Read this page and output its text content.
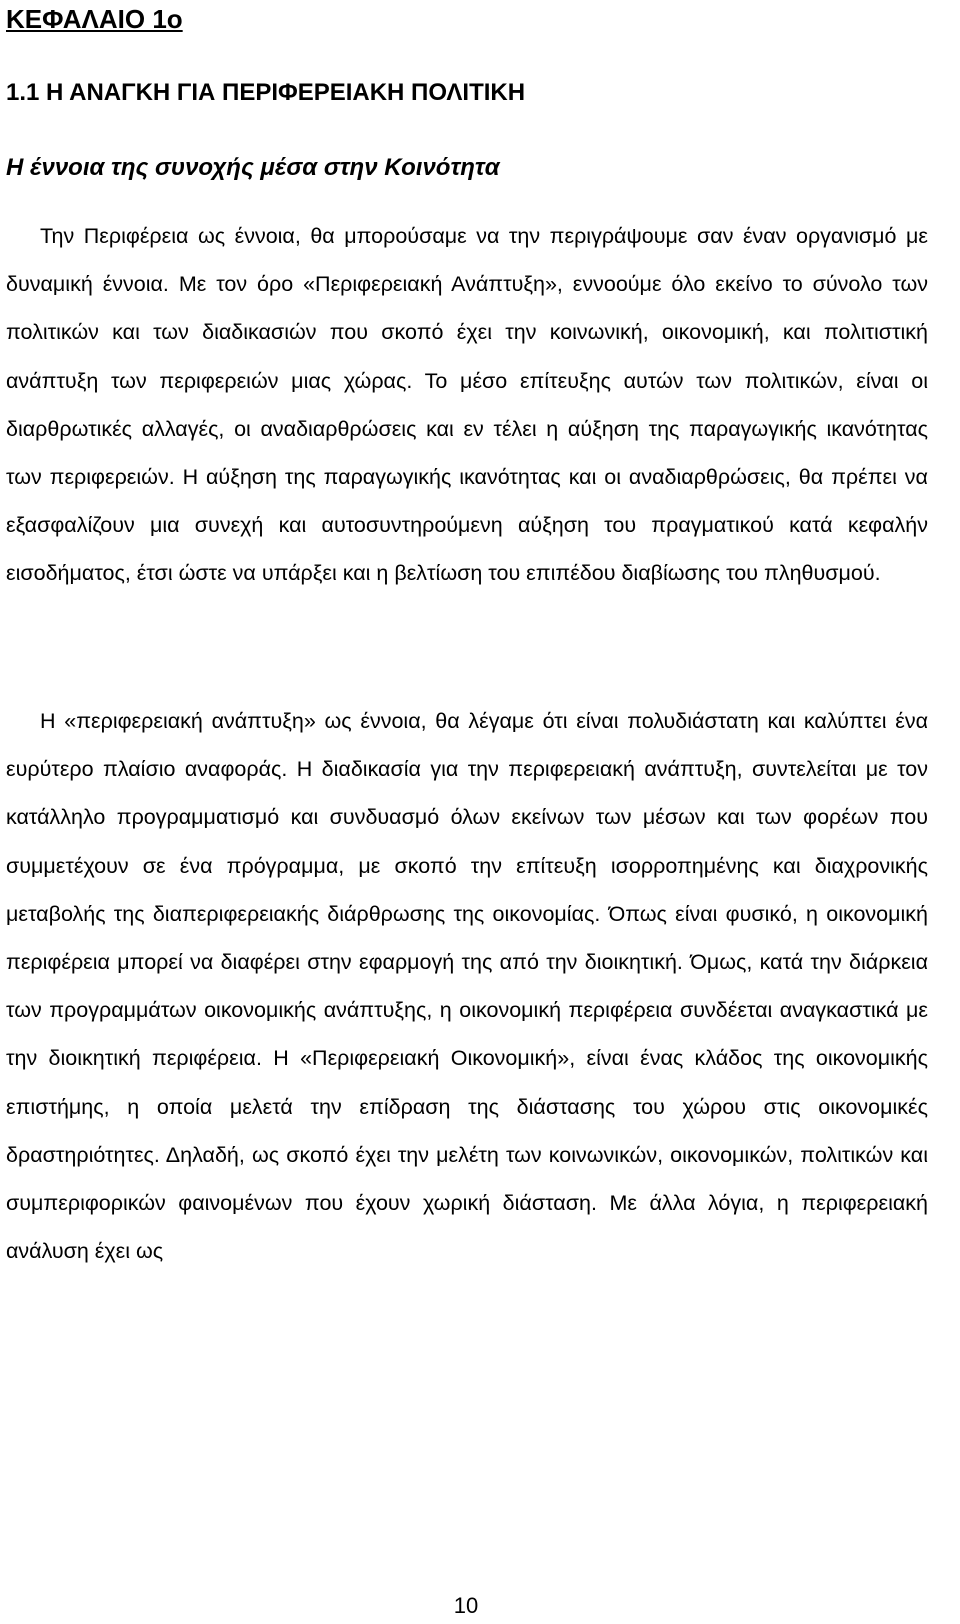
ΚΕΦΑΛΑΙΟ 1ο
1.1 Η ΑΝΑΓΚΗ ΓΙΑ ΠΕΡΙΦΕΡΕΙΑΚΗ ΠΟΛΙΤΙΚΗ
Η έννοια της συνοχής μέσα στην Κοινότητα

Την Περιφέρεια ως έννοια, θα μπορούσαμε να την περιγράψουμε σαν έναν οργανισμό με δυναμική έννοια. Με τον όρο «Περιφερειακή Ανάπτυξη», εννοούμε όλο εκείνο το σύνολο των πολιτικών και των διαδικασιών που σκοπό έχει την κοινωνική, οικονομική, και πολιτιστική ανάπτυξη των περιφερειών μιας χώρας. Το μέσο επίτευξης αυτών των πολιτικών, είναι οι διαρθρωτικές αλλαγές, οι αναδιαρθρώσεις και εν τέλει η αύξηση της παραγωγικής ικανότητας των περιφερειών. Η αύξηση της παραγωγικής ικανότητας και οι αναδιαρθρώσεις, θα πρέπει να εξασφαλίζουν μια συνεχή και αυτοσυντηρούμενη αύξηση του πραγματικού κατά κεφαλήν εισοδήματος, έτσι ώστε να υπάρξει και η βελτίωση του επιπέδου διαβίωσης του πληθυσμού.

Η «περιφερειακή ανάπτυξη» ως έννοια, θα λέγαμε ότι είναι πολυδιάστατη και καλύπτει ένα ευρύτερο πλαίσιο αναφοράς. Η διαδικασία για την περιφερειακή ανάπτυξη, συντελείται με τον κατάλληλο προγραμματισμό και συνδυασμό όλων εκείνων των μέσων και των φορέων που συμμετέχουν σε ένα πρόγραμμα, με σκοπό την επίτευξη ισορροπημένης και διαχρονικής μεταβολής της διαπεριφερειακής διάρθρωσης της οικονομίας. Όπως είναι φυσικό, η οικονομική περιφέρεια μπορεί να διαφέρει στην εφαρμογή της από την διοικητική. Όμως, κατά την διάρκεια των προγραμμάτων οικονομικής ανάπτυξης, η οικονομική περιφέρεια συνδέεται αναγκαστικά με την διοικητική περιφέρεια. Η «Περιφερειακή Οικονομική», είναι ένας κλάδος της οικονομικής επιστήμης, η οποία μελετά την επίδραση της διάστασης του χώρου στις οικονομικές δραστηριότητες. Δηλαδή, ως σκοπό έχει την μελέτη των κοινωνικών, οικονομικών, πολιτικών και συμπεριφορικών φαινομένων που έχουν χωρική διάσταση. Με άλλα λόγια, η περιφερειακή ανάλυση έχει ως

10
